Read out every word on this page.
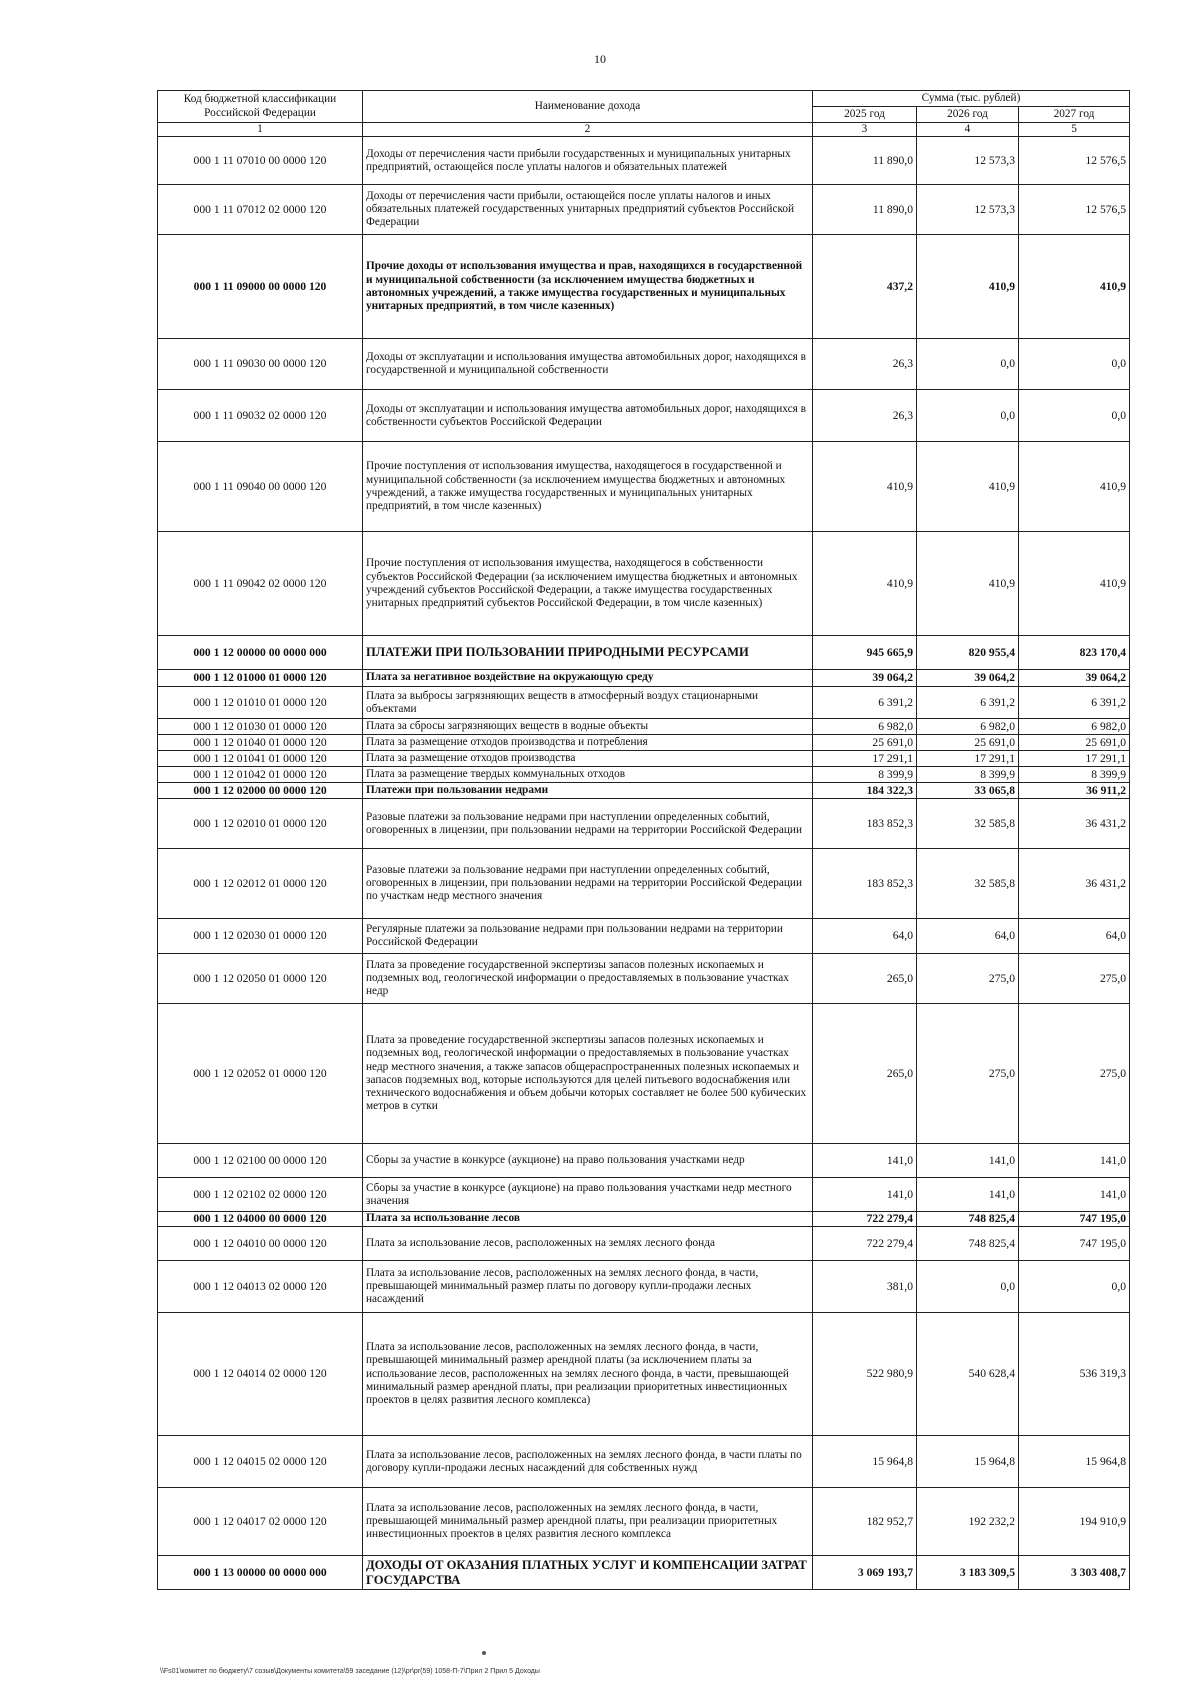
10
Код бюджетной классификации Российской Федерации	Наименование дохода	Сумма (тыс. рублей)		
		2025 год	2026 год	2027 год
1	2	3	4	5
000 1 11 07010 00 0000 120	Доходы от перечисления части прибыли государственных и муниципальных унитарных предприятий, остающейся после уплаты налогов и обязательных платежей	11 890,0	12 573,3	12 576,5
000 1 11 07012 02 0000 120	Доходы от перечисления части прибыли, остающейся после уплаты налогов и иных обязательных платежей государственных унитарных предприятий субъектов Российской Федерации	11 890,0	12 573,3	12 576,5
000 1 11 09000 00 0000 120	Прочие доходы от использования имущества и прав, находящихся в государственной и муниципальной собственности (за исключением имущества бюджетных и автономных учреждений, а также имущества государственных и муниципальных унитарных предприятий, в том числе казенных)	437,2	410,9	410,9
000 1 11 09030 00 0000 120	Доходы от эксплуатации и использования имущества автомобильных дорог, находящихся в государственной и муниципальной собственности	26,3	0,0	0,0
000 1 11 09032 02 0000 120	Доходы от эксплуатации и использования имущества автомобильных дорог, находящихся в собственности субъектов Российской Федерации	26,3	0,0	0,0
000 1 11 09040 00 0000 120	Прочие поступления от использования имущества, находящегося в государственной и муниципальной собственности (за исключением имущества бюджетных и автономных учреждений, а также имущества государственных и муниципальных унитарных предприятий, в том числе казенных)	410,9	410,9	410,9
000 1 11 09042 02 0000 120	Прочие поступления от использования имущества, находящегося в собственности субъектов Российской Федерации (за исключением имущества бюджетных и автономных учреждений субъектов Российской Федерации, а также имущества государственных унитарных предприятий субъектов Российской Федерации, в том числе казенных)	410,9	410,9	410,9
000 1 12 00000 00 0000 000	ПЛАТЕЖИ ПРИ ПОЛЬЗОВАНИИ ПРИРОДНЫМИ РЕСУРСАМИ	945 665,9	820 955,4	823 170,4
000 1 12 01000 01 0000 120	Плата за негативное воздействие на окружающую среду	39 064,2	39 064,2	39 064,2
000 1 12 01010 01 0000 120	Плата за выбросы загрязняющих веществ в атмосферный воздух стационарными объектами	6 391,2	6 391,2	6 391,2
000 1 12 01030 01 0000 120	Плата за сбросы загрязняющих веществ в водные объекты	6 982,0	6 982,0	6 982,0
000 1 12 01040 01 0000 120	Плата за размещение отходов производства и потребления	25 691,0	25 691,0	25 691,0
000 1 12 01041 01 0000 120	Плата за размещение отходов производства	17 291,1	17 291,1	17 291,1
000 1 12 01042 01 0000 120	Плата за размещение твердых коммунальных отходов	8 399,9	8 399,9	8 399,9
000 1 12 02000 00 0000 120	Платежи при пользовании недрами	184 322,3	33 065,8	36 911,2
000 1 12 02010 01 0000 120	Разовые платежи за пользование недрами при наступлении определенных событий, оговоренных в лицензии, при пользовании недрами на территории Российской Федерации	183 852,3	32 585,8	36 431,2
000 1 12 02012 01 0000 120	Разовые платежи за пользование недрами при наступлении определенных событий, оговоренных в лицензии, при пользовании недрами на территории Российской Федерации по участкам недр местного значения	183 852,3	32 585,8	36 431,2
000 1 12 02030 01 0000 120	Регулярные платежи за пользование недрами при пользовании недрами на территории Российской Федерации	64,0	64,0	64,0
000 1 12 02050 01 0000 120	Плата за проведение государственной экспертизы запасов полезных ископаемых и подземных вод, геологической информации о предоставляемых в пользование участках недр	265,0	275,0	275,0
000 1 12 02052 01 0000 120	Плата за проведение государственной экспертизы запасов полезных ископаемых и подземных вод, геологической информации о предоставляемых в пользование участках недр местного значения, а также запасов общераспространенных полезных ископаемых и запасов подземных вод, которые используются для целей питьевого водоснабжения или технического водоснабжения и объем добычи которых составляет не более 500 кубических метров в сутки	265,0	275,0	275,0
000 1 12 02100 00 0000 120	Сборы за участие в конкурсе (аукционе) на право пользования участками недр	141,0	141,0	141,0
000 1 12 02102 02 0000 120	Сборы за участие в конкурсе (аукционе) на право пользования участками недр местного значения	141,0	141,0	141,0
000 1 12 04000 00 0000 120	Плата за использование лесов	722 279,4	748 825,4	747 195,0
000 1 12 04010 00 0000 120	Плата за использование лесов, расположенных на землях лесного фонда	722 279,4	748 825,4	747 195,0
000 1 12 04013 02 0000 120	Плата за использование лесов, расположенных на землях лесного фонда, в части, превышающей минимальный размер платы по договору купли-продажи лесных насаждений	381,0	0,0	0,0
000 1 12 04014 02 0000 120	Плата за использование лесов, расположенных на землях лесного фонда, в части, превышающей минимальный размер арендной платы (за исключением платы за использование лесов, расположенных на землях лесного фонда, в части, превышающей минимальный размер арендной платы, при реализации приоритетных инвестиционных проектов в целях развития лесного комплекса)	522 980,9	540 628,4	536 319,3
000 1 12 04015 02 0000 120	Плата за использование лесов, расположенных на землях лесного фонда, в части платы по договору купли-продажи лесных насаждений для собственных нужд	15 964,8	15 964,8	15 964,8
000 1 12 04017 02 0000 120	Плата за использование лесов, расположенных на землях лесного фонда, в части, превышающей минимальный размер арендной платы, при реализации приоритетных инвестиционных проектов в целях развития лесного комплекса	182 952,7	192 232,2	194 910,9
000 1 13 00000 00 0000 000	ДОХОДЫ ОТ ОКАЗАНИЯ ПЛАТНЫХ УСЛУГ И КОМПЕНСАЦИИ ЗАТРАТ ГОСУДАРСТВА	3 069 193,7	3 183 309,5	3 303 408,7
\\Fs01\комитет по бюджету\7 созыв\Документы комитета\59 заседание (12)\pr\pr(59) 1058-П-7\Прил 2 Прил 5 Доходы
